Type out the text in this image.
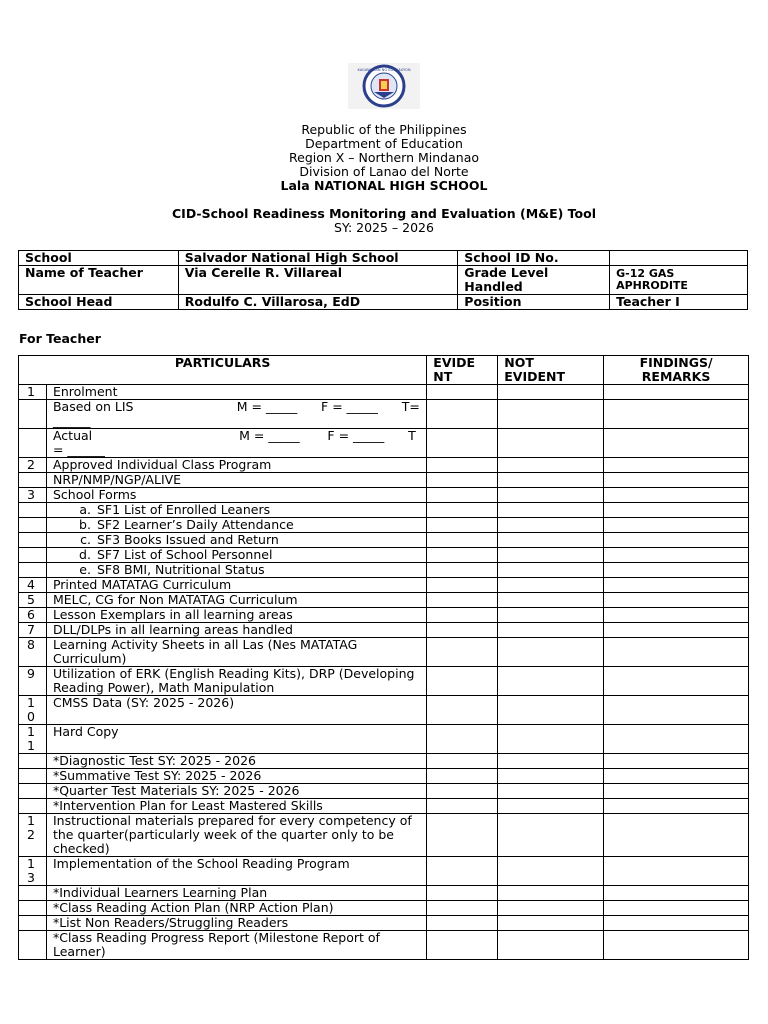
KAGAWARAN NG EDUKASYON
Republic of the Philippines
Department of Education
Region X – Northern Mindanao
Division of Lanao del Norte
Lala NATIONAL HIGH SCHOOL
CID-School Readiness Monitoring and Evaluation (M&E) Tool
SY: 2025 – 2026
School	Salvador National High School	School ID No.	
Name of Teacher	Via Cerelle R. Villareal	Grade Level Handled	G-12 GAS APHRODITE
School Head	Rodulfo C. Villarosa, EdD	Position	Teacher I
For Teacher
PARTICULARS		EVIDE NT	NOT EVIDENT	FINDINGS/ REMARKS
1	Enrolment			
	Based on LIS                          M = _____      F = _____      T= ______			
	Actual                                     M = _____       F = _____      T = ______			
2	Approved Individual Class Program			
	NRP/NMP/NGP/ALIVE			
3	School Forms			
	a. SF1 List of Enrolled Leaners			
	b. SF2 Learner’s Daily Attendance			
	c. SF3 Books Issued and Return			
	d. SF7 List of School Personnel			
	e. SF8 BMI, Nutritional Status			
4	Printed MATATAG Curriculum			
5	MELC, CG for Non MATATAG Curriculum			
6	Lesson Exemplars in all learning areas			
7	DLL/DLPs in all learning areas handled			
8	Learning Activity Sheets in all Las (Nes MATATAG Curriculum)			
9	Utilization of ERK (English Reading Kits), DRP (Developing Reading Power), Math Manipulation			
1 0	CMSS Data (SY: 2025 - 2026)			
1 1	Hard Copy			
	*Diagnostic Test SY: 2025 - 2026			
	*Summative Test SY: 2025 - 2026			
	*Quarter Test Materials SY: 2025 - 2026			
	*Intervention Plan for Least Mastered Skills			
1 2	Instructional materials prepared for every competency of the quarter(particularly week of the quarter only to be checked)			
1 3	Implementation of the School Reading Program			
	*Individual Learners Learning Plan			
	*Class Reading Action Plan (NRP Action Plan)			
	*List Non Readers/Struggling Readers			
	*Class Reading Progress Report (Milestone Report of Learner)			
